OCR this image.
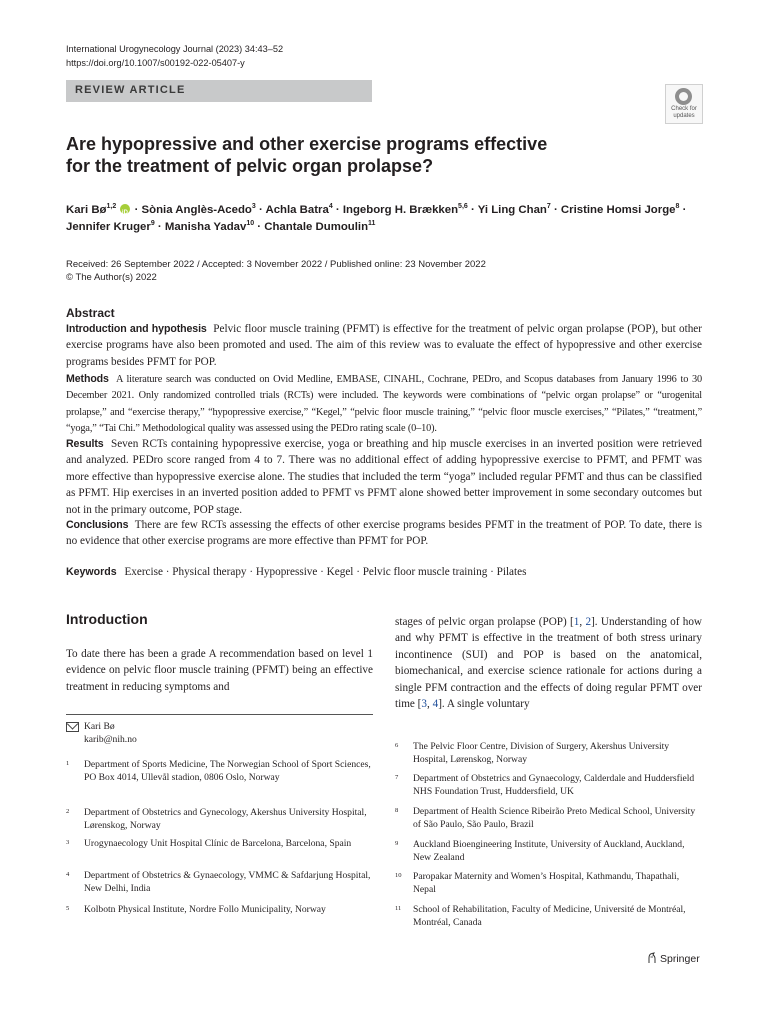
International Urogynecology Journal (2023) 34:43–52
https://doi.org/10.1007/s00192-022-05407-y
REVIEW ARTICLE
Check for updates
Are hypopressive and other exercise programs effective
for the treatment of pelvic organ prolapse?
Kari Bø$^{1,2}$ iD · Sònia Anglès-Acedo$^3$ · Achla Batra$^4$ · Ingeborg H. Brækken$^{5,6}$ · Yi Ling Chan$^7$ · Cristine Homsi Jorge$^8$ ·
Jennifer Kruger$^9$ · Manisha Yadav$^{10}$ · Chantale Dumoulin$^{11}$
Received: 26 September 2022 / Accepted: 3 November 2022 / Published online: 23 November 2022
© The Author(s) 2022
Abstract
Introduction and hypothesis Pelvic floor muscle training (PFMT) is effective for the treatment of pelvic organ prolapse (POP), but other exercise programs have also been promoted and used. The aim of this review was to evaluate the effect of hypopressive and other exercise programs besides PFMT for POP.
Methods A literature search was conducted on Ovid Medline, EMBASE, CINAHL, Cochrane, PEDro, and Scopus databases from January 1996 to 30 December 2021. Only randomized controlled trials (RCTs) were included. The keywords were combinations of “pelvic organ prolapse” or “urogenital prolapse,” and “exercise therapy,” “hypopressive exercise,” “Kegel,” “pelvic floor muscle training,” “pelvic floor muscle exercises,” “Pilates,” “treatment,” “yoga,” “Tai Chi.” Methodological quality was assessed using the PEDro rating scale (0–10).
Results Seven RCTs containing hypopressive exercise, yoga or breathing and hip muscle exercises in an inverted position were retrieved and analyzed. PEDro score ranged from 4 to 7. There was no additional effect of adding hypopressive exercise to PFMT, and PFMT was more effective than hypopressive exercise alone. The studies that included the term “yoga” included regular PFMT and thus can be classified as PFMT. Hip exercises in an inverted position added to PFMT vs PFMT alone showed better improvement in some secondary outcomes but not in the primary outcome, POP stage.
Conclusions There are few RCTs assessing the effects of other exercise programs besides PFMT in the treatment of POP. To date, there is no evidence that other exercise programs are more effective than PFMT for POP.
Keywords Exercise · Physical therapy · Hypopressive · Kegel · Pelvic floor muscle training · Pilates
Introduction
To date there has been a grade A recommendation based on level 1 evidence on pelvic floor muscle training (PFMT) being an effective treatment in reducing symptoms and
stages of pelvic organ prolapse (POP) [1, 2]. Understanding of how and why PFMT is effective in the treatment of both stress urinary incontinence (SUI) and POP is based on the anatomical, biomechanical, and exercise science rationale for actions during a single PFM contraction and the effects of doing regular PFMT over time [3, 4]. A single voluntary
Kari Bø
karib@nih.no
1 Department of Sports Medicine, The Norwegian School of Sport Sciences, PO Box 4014, Ullevål stadion, 0806 Oslo, Norway
2 Department of Obstetrics and Gynecology, Akershus University Hospital, Lørenskog, Norway
3 Urogynaecology Unit Hospital Clínic de Barcelona, Barcelona, Spain
4 Department of Obstetrics & Gynaecology, VMMC & Safdarjung Hospital, New Delhi, India
5 Kolbotn Physical Institute, Nordre Follo Municipality, Norway
6 The Pelvic Floor Centre, Division of Surgery, Akershus University Hospital, Lørenskog, Norway
7 Department of Obstetrics and Gynaecology, Calderdale and Huddersfield NHS Foundation Trust, Huddersfield, UK
8 Department of Health Science Ribeirão Preto Medical School, University of São Paulo, São Paulo, Brazil
9 Auckland Bioengineering Institute, University of Auckland, Auckland, New Zealand
10 Paropakar Maternity and Women’s Hospital, Kathmandu, Thapathali, Nepal
11 School of Rehabilitation, Faculty of Medicine, Université de Montréal, Montréal, Canada
Springer
